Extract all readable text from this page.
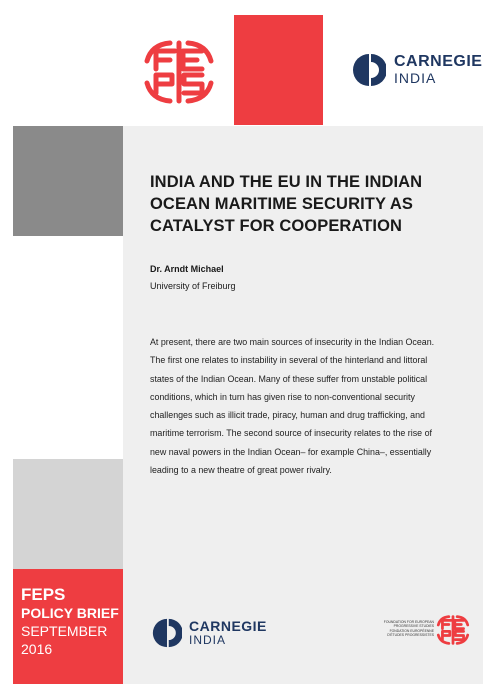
CARNEGIE
INDIA
INDIA AND THE EU IN THE INDIAN
OCEAN MARITIME SECURITY AS
CATALYST FOR COOPERATION
Dr. Arndt Michael
University of Freiburg
At present, there are two main sources of insecurity in the Indian Ocean.
The first one relates to instability in several of the hinterland and littoral
states of the Indian Ocean. Many of these suffer from unstable political
conditions, which in turn has given rise to non-conventional security
challenges such as illicit trade, piracy, human and drug trafficking, and
maritime terrorism. The second source of insecurity relates to the rise of
new naval powers in the Indian Ocean– for example China–, essentially
leading to a new theatre of great power rivalry.
FEPS
POLICY BRIEF
SEPTEMBER
2016
CARNEGIE
INDIA
FOUNDATION FOR EUROPEAN
PROGRESSIVE STUDIES
FONDATION EUROPÉENNE
D'ÉTUDES PROGRESSISTES
